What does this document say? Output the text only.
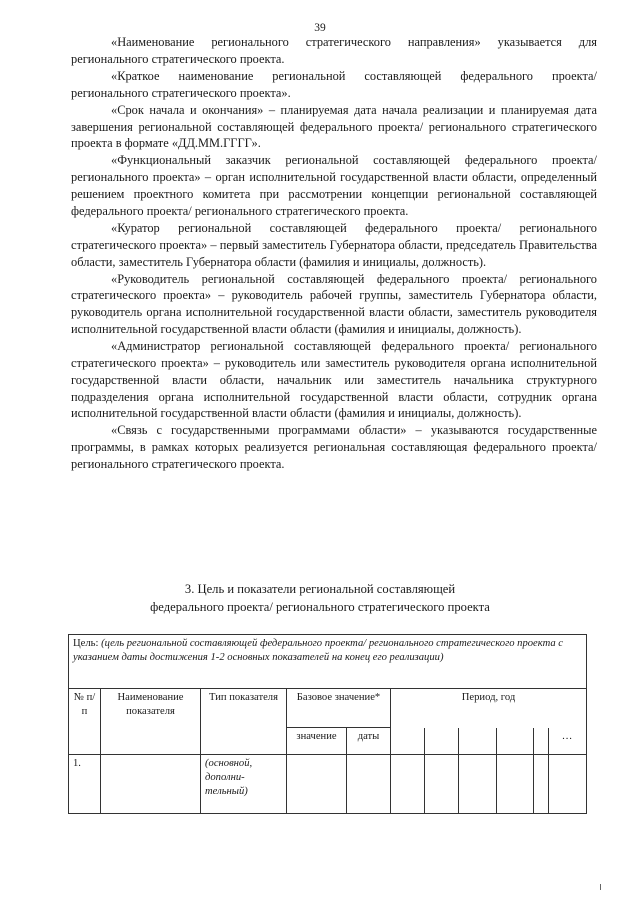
39

«Наименование регионального стратегического направления» указывается для регионального стратегического проекта.

«Краткое наименование региональной составляющей федерального проекта/ регионального стратегического проекта».

«Срок начала и окончания» – планируемая дата начала реализации и планируемая дата завершения региональной составляющей федерального проекта/ регионального стратегического проекта в формате «ДД.ММ.ГГГГ».

«Функциональный заказчик региональной составляющей федерального проекта/ регионального проекта» – орган исполнительной государственной власти области, определенный решением проектного комитета при рассмотрении концепции региональной составляющей федерального проекта/ регионального стратегического проекта.

«Куратор региональной составляющей федерального проекта/ регионального стратегического проекта» – первый заместитель Губернатора области, председатель Правительства области, заместитель Губернатора области (фамилия и инициалы, должность).

«Руководитель региональной составляющей федерального проекта/ регионального стратегического проекта» – руководитель рабочей группы, заместитель Губернатора области, руководитель органа исполнительной государственной власти области, заместитель руководителя исполнительной государственной власти области (фамилия и инициалы, должность).

«Администратор региональной составляющей федерального проекта/ регионального стратегического проекта» – руководитель или заместитель руководителя органа исполнительной государственной власти области, начальник или заместитель начальника структурного подразделения органа исполнительной государственной власти области, сотрудник органа исполнительной государственной власти области (фамилия и инициалы, должность).

«Связь с государственными программами области» – указываются государственные программы, в рамках которых реализуется региональная составляющая федерального проекта/ регионального стратегического проекта.

3. Цель и показатели региональной составляющей
федерального проекта/ регионального стратегического проекта
Цель: (цель региональной составляющей федерального проекта/ регионального стратегического проекта с указанием даты достижения 1-2 основных показателей на конец его реализации)										
№ п/п	Наименование показателя	Тип показателя	Базовое значение*		Период, год					
			значение	даты						…
1.		(основной, дополнительный)								
